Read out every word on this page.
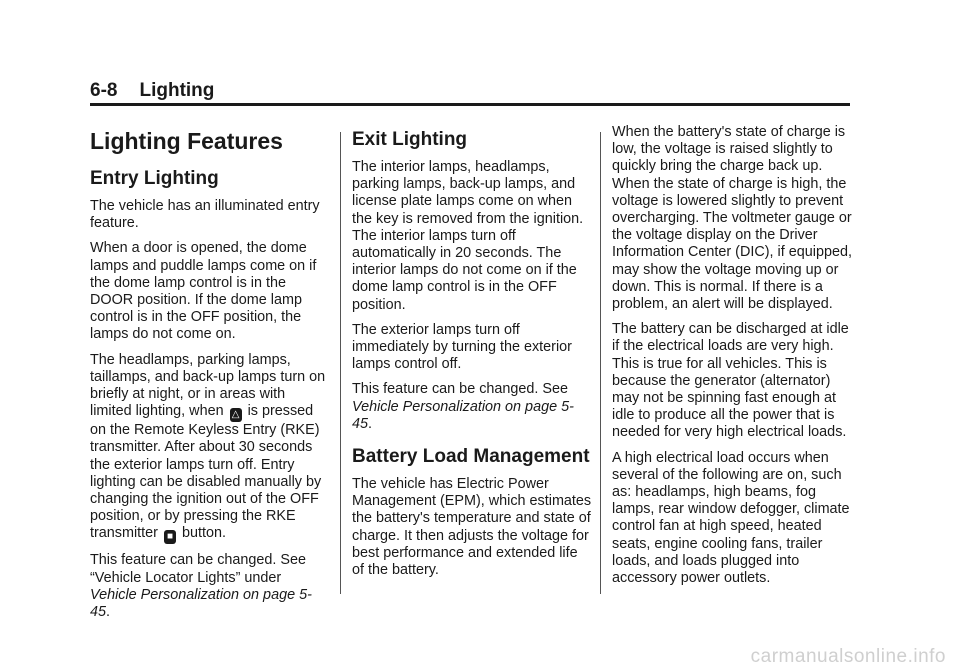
6-8 Lighting
Lighting Features
Entry Lighting

The vehicle has an illuminated entry feature.

When a door is opened, the dome lamps and puddle lamps come on if the dome lamp control is in the DOOR position. If the dome lamp control is in the OFF position, the lamps do not come on.

The headlamps, parking lamps, taillamps, and back-up lamps turn on briefly at night, or in areas with limited lighting, when △ is pressed on the Remote Keyless Entry (RKE) transmitter. After about 30 seconds the exterior lamps turn off. Entry lighting can be disabled manually by changing the ignition out of the OFF position, or by pressing the RKE transmitter ■ button.

This feature can be changed. See “Vehicle Locator Lights” under Vehicle Personalization on page 5-45.

Exit Lighting

The interior lamps, headlamps, parking lamps, back-up lamps, and license plate lamps come on when the key is removed from the ignition. The interior lamps turn off automatically in 20 seconds. The interior lamps do not come on if the dome lamp control is in the OFF position.

The exterior lamps turn off immediately by turning the exterior lamps control off.

This feature can be changed. See Vehicle Personalization on page 5-45.

Battery Load Management

The vehicle has Electric Power Management (EPM), which estimates the battery's temperature and state of charge. It then adjusts the voltage for best performance and extended life of the battery.

When the battery's state of charge is low, the voltage is raised slightly to quickly bring the charge back up. When the state of charge is high, the voltage is lowered slightly to prevent overcharging. The voltmeter gauge or the voltage display on the Driver Information Center (DIC), if equipped, may show the voltage moving up or down. This is normal. If there is a problem, an alert will be displayed.

The battery can be discharged at idle if the electrical loads are very high. This is true for all vehicles. This is because the generator (alternator) may not be spinning fast enough at idle to produce all the power that is needed for very high electrical loads.

A high electrical load occurs when several of the following are on, such as: headlamps, high beams, fog lamps, rear window defogger, climate control fan at high speed, heated seats, engine cooling fans, trailer loads, and loads plugged into accessory power outlets.

carmanualsonline.info
